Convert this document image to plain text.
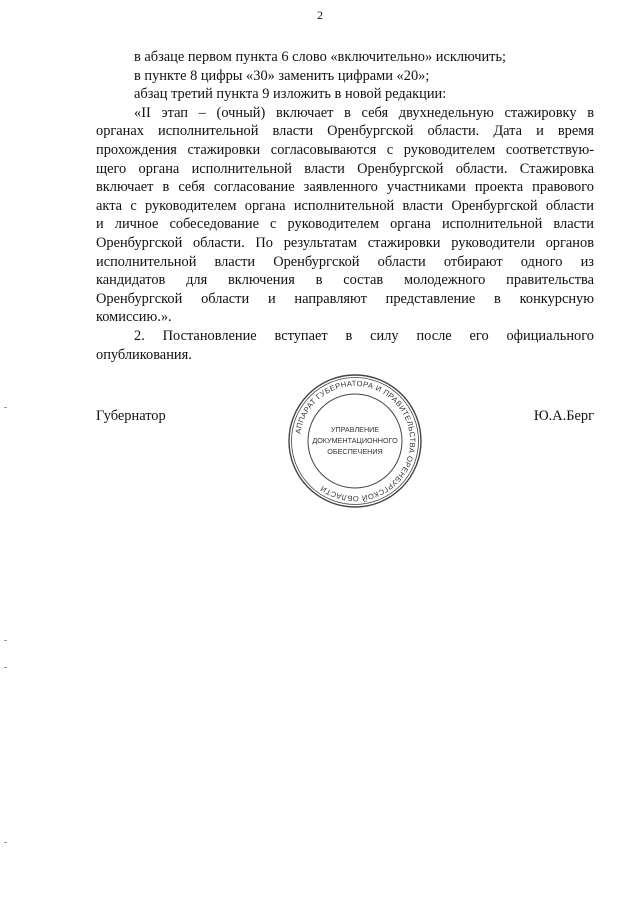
2
в абзаце первом пункта 6 слово «включительно» исключить;
в пункте 8 цифры «30» заменить цифрами «20»;
абзац третий пункта 9 изложить в новой редакции:
«II этап – (очный) включает в себя двухнедельную стажировку в
органах исполнительной власти Оренбургской области. Дата и время
прохождения стажировки согласовываются с руководителем соответствую-
щего органа исполнительной власти Оренбургской области. Стажировка
включает в себя согласование заявленного участниками проекта правового
акта с руководителем органа исполнительной власти Оренбургской области
и личное собеседование с руководителем органа исполнительной власти
Оренбургской области. По результатам стажировки руководители органов
исполнительной власти Оренбургской области отбирают одного из
кандидатов для включения в состав молодежного правительства
Оренбургской области и направляют представление в конкурсную
комиссию.».
2. Постановление вступает в силу после его официального
опубликования.
Губернатор	Ю.А.Берг
АППАРАТ ГУБЕРНАТОРА И ПРАВИТЕЛЬСТВА ОРЕНБУРГСКОЙ ОБЛАСТИ
УПРАВЛЕНИЕ
ДОКУМЕНТАЦИОННОГО
ОБЕСПЕЧЕНИЯ
